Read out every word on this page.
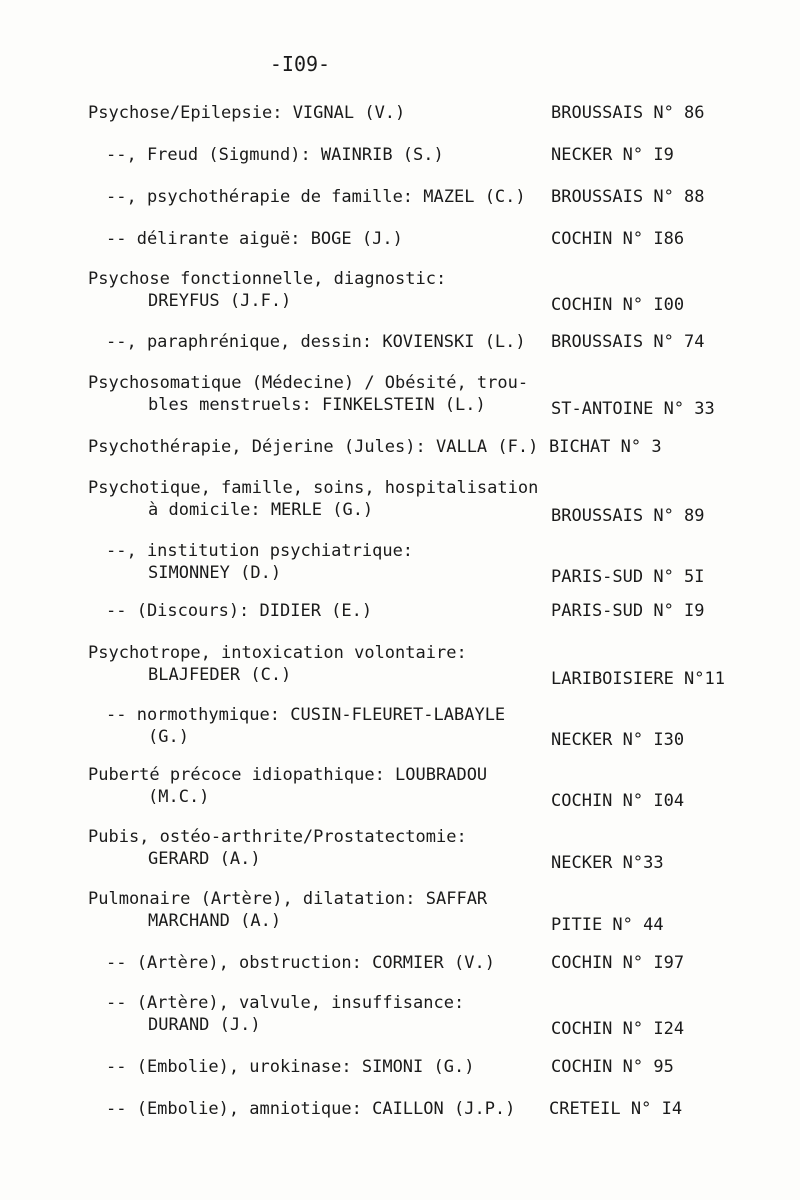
-I09-
Psychose/Epilepsie: VIGNAL (V.)	BROUSSAIS N° 86
--, Freud (Sigmund): WAINRIB (S.)	NECKER N° I9
--, psychothérapie de famille: MAZEL (C.) BROUSSAIS N° 88
-- délirante aiguë: BOGE (J.)	COCHIN N° I86
Psychose fonctionnelle, diagnostic:
DREYFUS (J.F.)	COCHIN N° I00
--, paraphrénique, dessin: KOVIENSKI (L.) BROUSSAIS N° 74
Psychosomatique (Médecine) / Obésité, trou-
bles menstruels: FINKELSTEIN (L.)	ST-ANTOINE N° 33
Psychothérapie, Déjerine (Jules): VALLA (F.) BICHAT N° 3
Psychotique, famille, soins, hospitalisation
à domicile: MERLE (G.)	BROUSSAIS N° 89
--, institution psychiatrique:
SIMONNEY (D.)	PARIS-SUD N° 5I
-- (Discours): DIDIER (E.)	PARIS-SUD N° I9
Psychotrope, intoxication volontaire:
BLAJFEDER (C.)	LARIBOISIERE N°11
-- normothymique: CUSIN-FLEURET-LABAYLE
(G.)	NECKER N° I30
Puberté précoce idiopathique: LOUBRADOU
(M.C.)	COCHIN N° I04
Pubis, ostéo-arthrite/Prostatectomie:
GERARD (A.)	NECKER N°33
Pulmonaire (Artère), dilatation: SAFFAR
MARCHAND (A.)	PITIE N° 44
-- (Artère), obstruction: CORMIER (V.)	COCHIN N° I97
-- (Artère), valvule, insuffisance:
DURAND (J.)	COCHIN N° I24
-- (Embolie), urokinase: SIMONI (G.)	COCHIN N° 95
-- (Embolie), amniotique: CAILLON (J.P.) CRETEIL N° I4
